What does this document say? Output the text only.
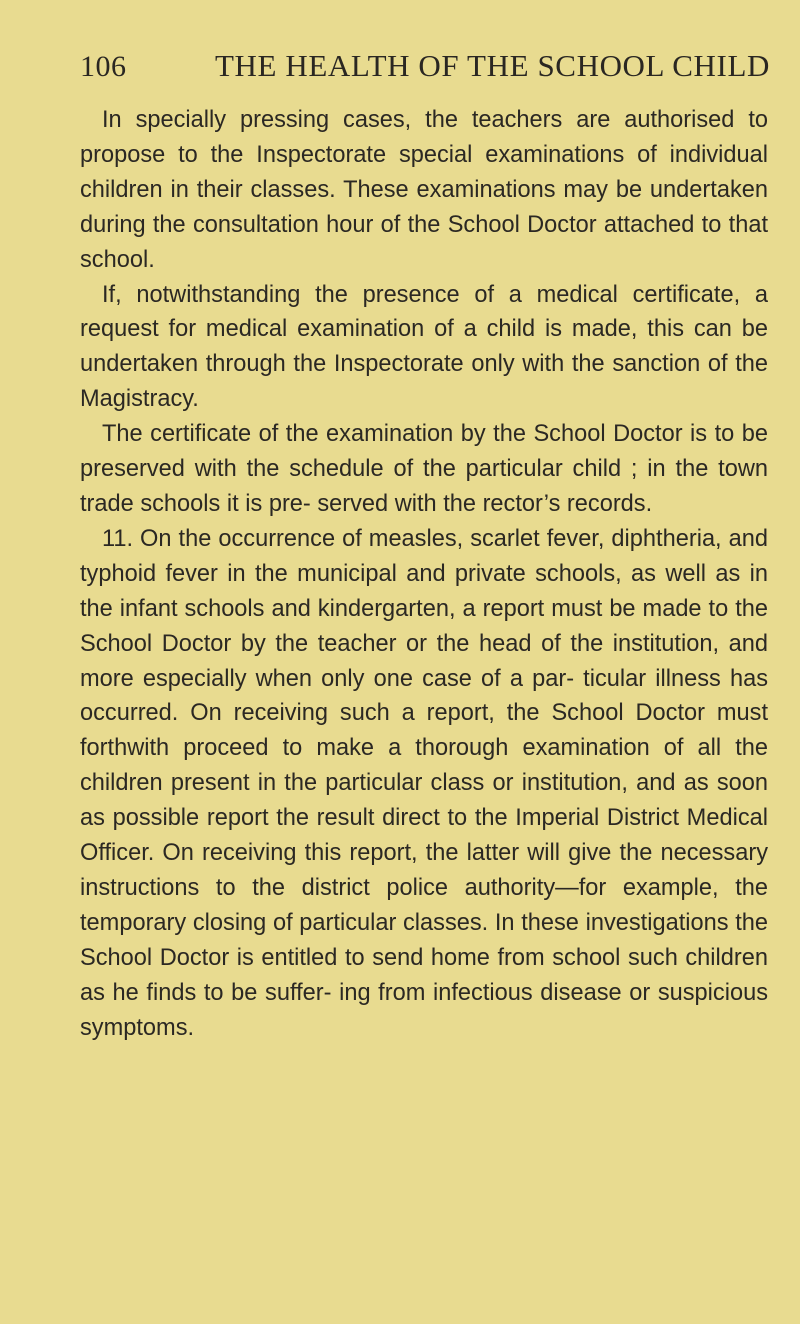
106	THE HEALTH OF THE SCHOOL CHILD

In specially pressing cases, the teachers are authorised to propose to the Inspectorate special examinations of individual children in their classes. These examinations may be undertaken during the consultation hour of the School Doctor attached to that school.

If, notwithstanding the presence of a medical certificate, a request for medical examination of a child is made, this can be undertaken through the Inspectorate only with the sanction of the Magistracy.

The certificate of the examination by the School Doctor is to be preserved with the schedule of the particular child ; in the town trade schools it is pre- served with the rector’s records.

11. On the occurrence of measles, scarlet fever, diphtheria, and typhoid fever in the municipal and private schools, as well as in the infant schools and kindergarten, a report must be made to the School Doctor by the teacher or the head of the institution, and more especially when only one case of a par- ticular illness has occurred. On receiving such a report, the School Doctor must forthwith proceed to make a thorough examination of all the children present in the particular class or institution, and as soon as possible report the result direct to the Imperial District Medical Officer. On receiving this report, the latter will give the necessary instructions to the district police authority—for example, the temporary closing of particular classes. In these investigations the School Doctor is entitled to send home from school such children as he finds to be suffer- ing from infectious disease or suspicious symptoms.
